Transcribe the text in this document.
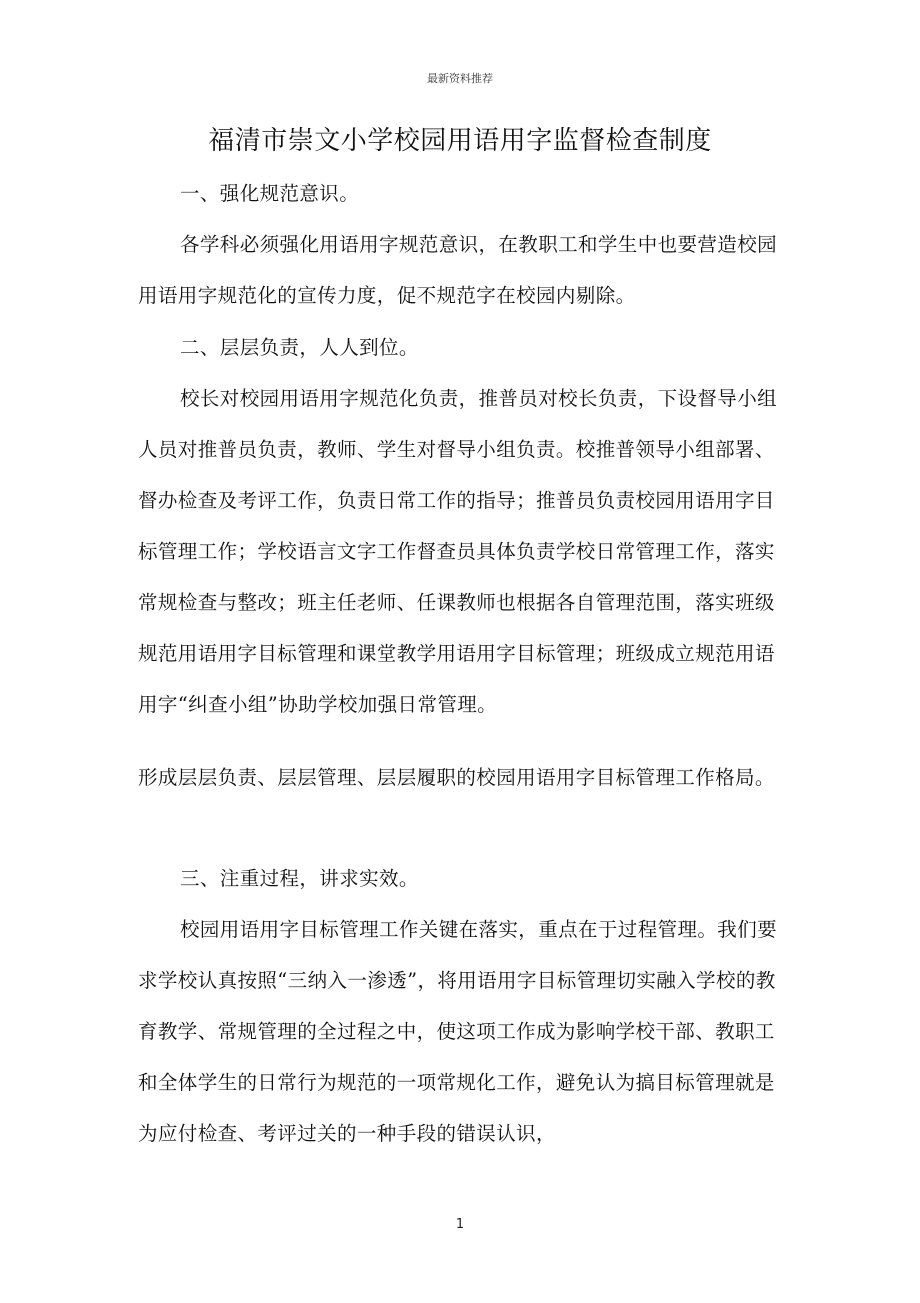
最新资料推荐
福清市崇文小学校园用语用字监督检查制度

一、强化规范意识。

各学科必须强化用语用字规范意识，在教职工和学生中也要营造校园用语用字规范化的宣传力度，促不规范字在校园内剔除。

二、层层负责，人人到位。

校长对校园用语用字规范化负责，推普员对校长负责，下设督导小组人员对推普员负责，教师、学生对督导小组负责。校推普领导小组部署、督办检查及考评工作，负责日常工作的指导；推普员负责校园用语用字目标管理工作；学校语言文字工作督查员具体负责学校日常管理工作，落实常规检查与整改；班主任老师、任课教师也根据各自管理范围，落实班级规范用语用字目标管理和课堂教学用语用字目标管理；班级成立规范用语用字“纠查小组”协助学校加强日常管理。

形成层层负责、层层管理、层层履职的校园用语用字目标管理工作格局。

三、注重过程，讲求实效。

校园用语用字目标管理工作关键在落实，重点在于过程管理。我们要求学校认真按照“三纳入一渗透”，将用语用字目标管理切实融入学校的教育教学、常规管理的全过程之中，使这项工作成为影响学校干部、教职工和全体学生的日常行为规范的一项常规化工作，避免认为搞目标管理就是为应付检查、考评过关的一种手段的错误认识，

1
